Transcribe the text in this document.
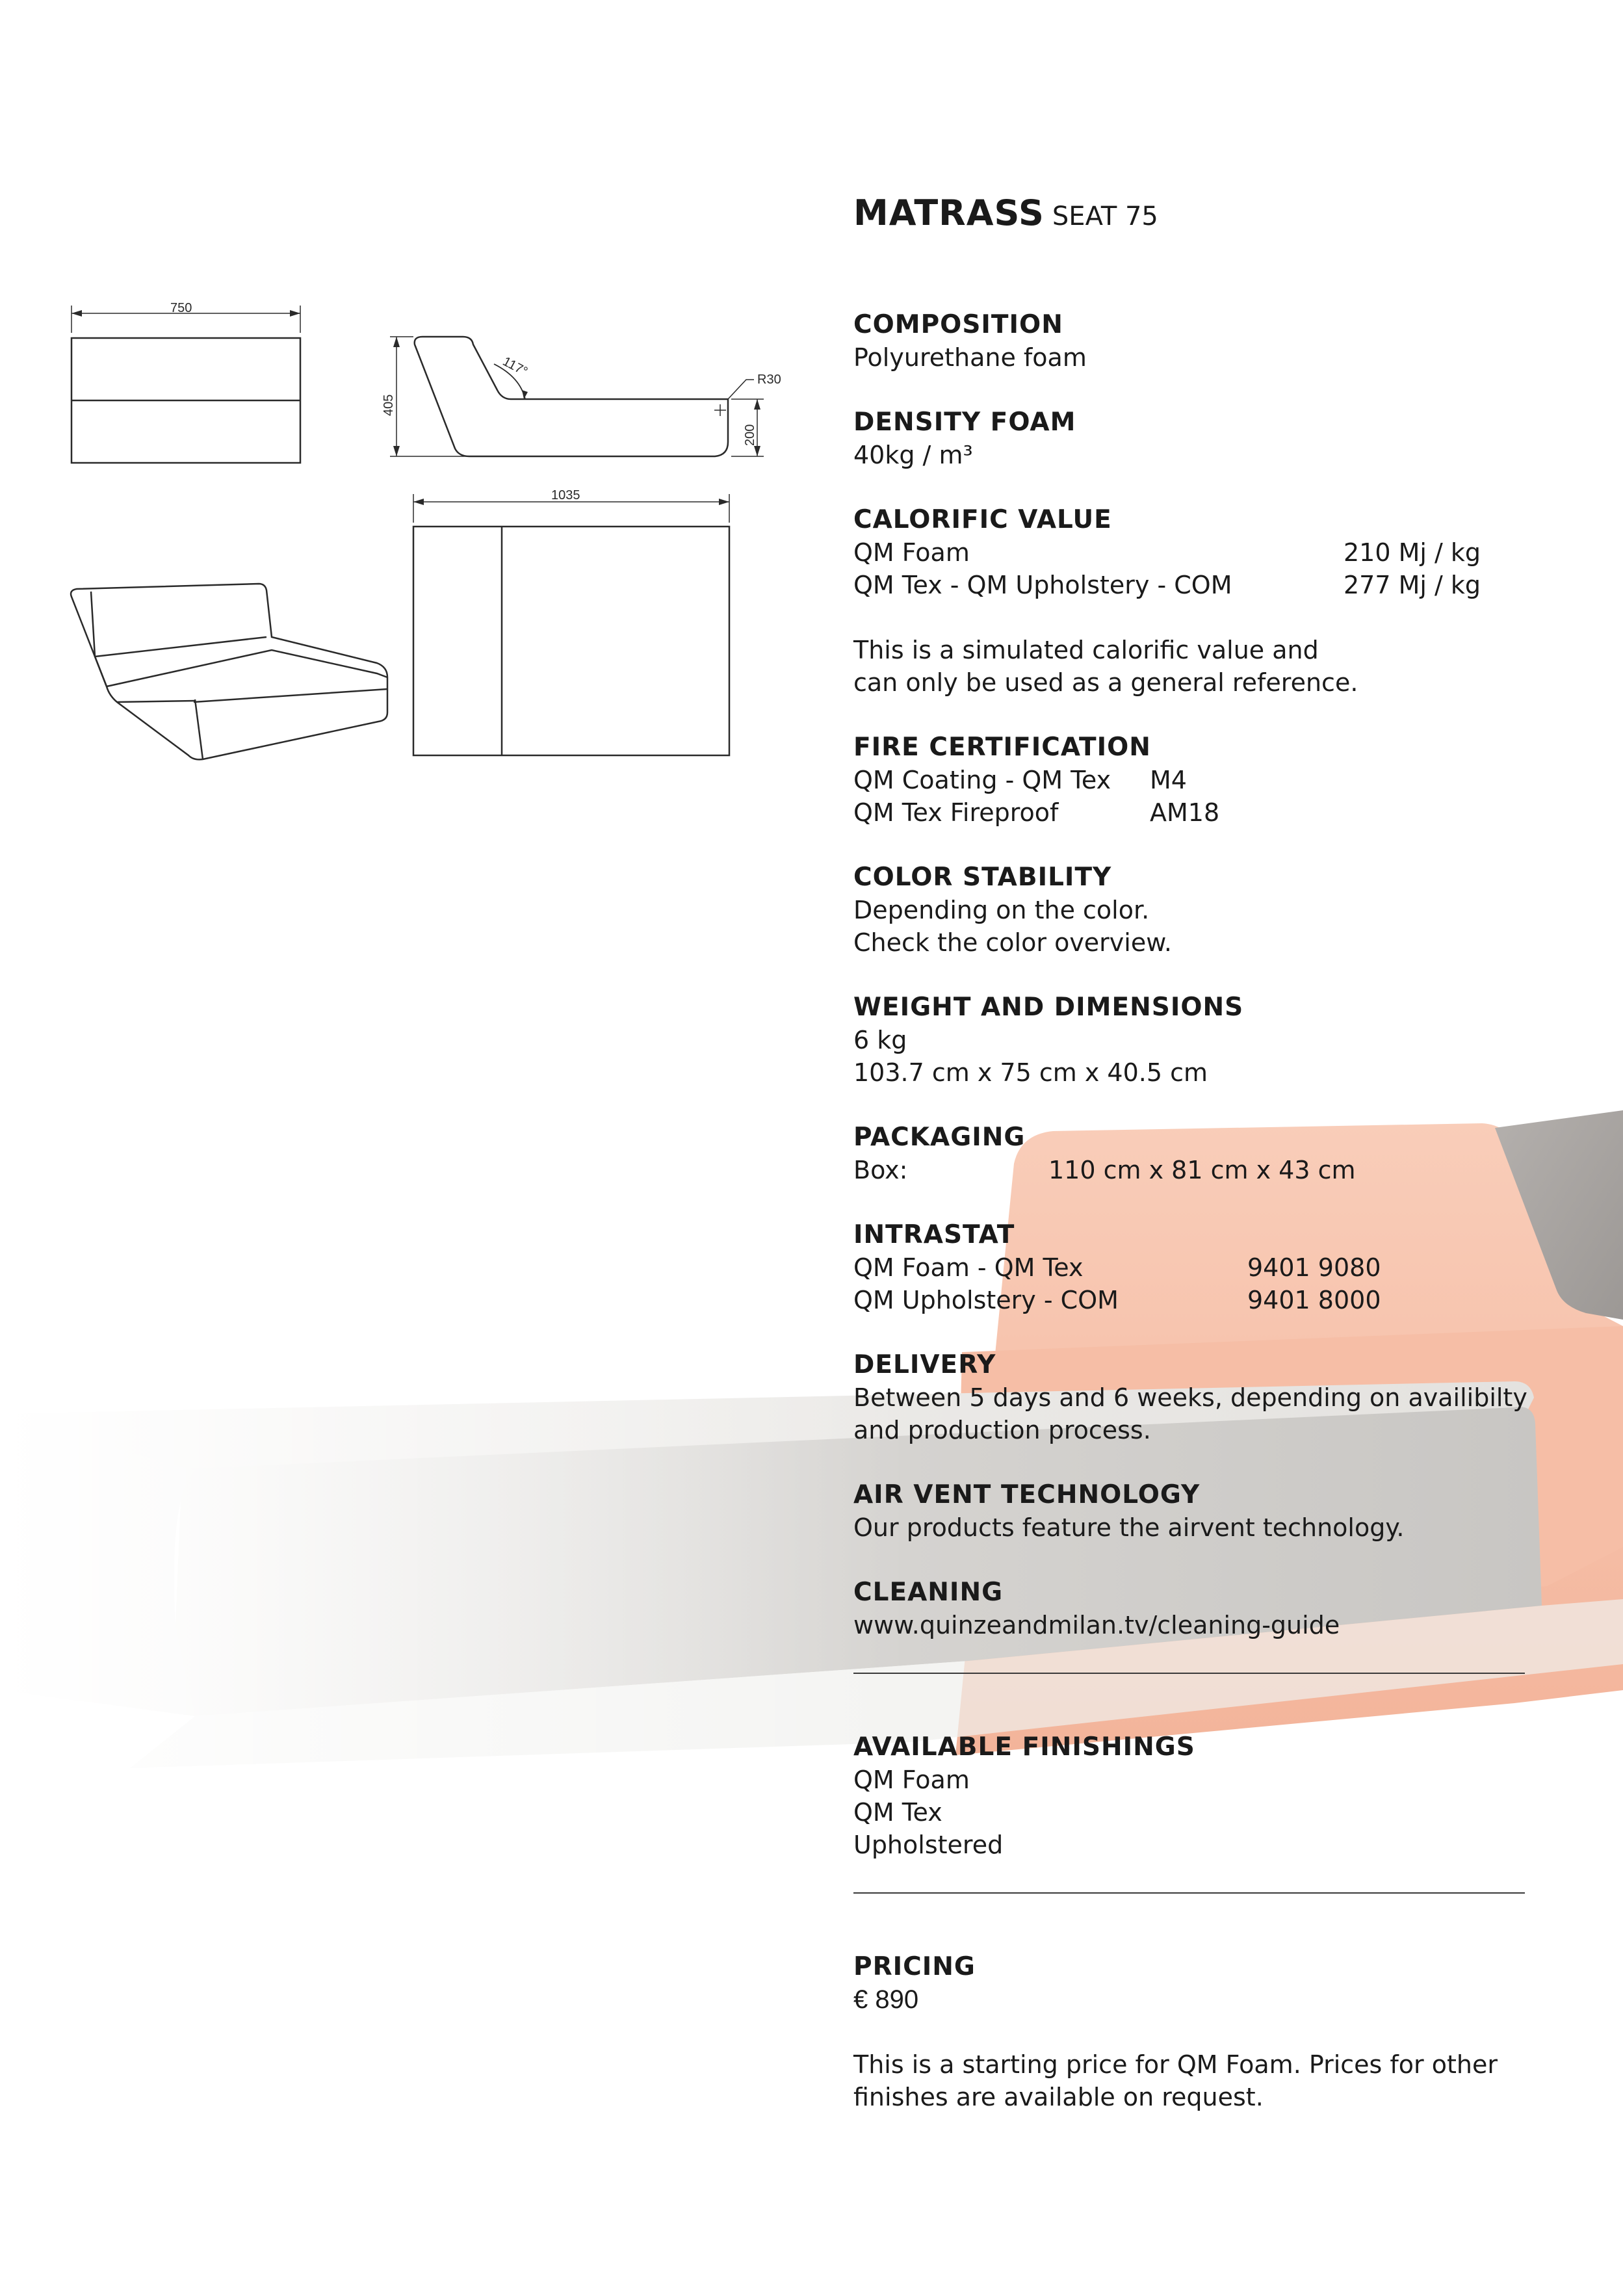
750
405
117°
R30
200
1035
MATRASS SEAT 75
COMPOSITION
Polyurethane foam
DENSITY FOAM
40kg / m³
CALORIFIC VALUE
QM Foam	210 Mj / kg
QM Tex - QM Upholstery - COM	277 Mj / kg
This is a simulated calorific value and
can only be used as a general reference.
FIRE CERTIFICATION
QM Coating - QM Tex	M4
QM Tex Fireproof	AM18
COLOR STABILITY
Depending on the color.
Check the color overview.
WEIGHT AND DIMENSIONS
6 kg
103.7 cm x 75 cm x 40.5 cm
PACKAGING
Box:	110 cm x 81 cm x 43 cm
INTRASTAT
QM Foam - QM Tex	9401 9080
QM Upholstery - COM	9401 8000
DELIVERY
Between 5 days and 6 weeks, depending on availibilty
and production process.
AIR VENT TECHNOLOGY
Our products feature the airvent technology.
CLEANING
www.quinzeandmilan.tv/cleaning-guide
AVAILABLE FINISHINGS
QM Foam
QM Tex
Upholstered
PRICING
€ 890
This is a starting price for QM Foam. Prices for other
finishes are available on request.
